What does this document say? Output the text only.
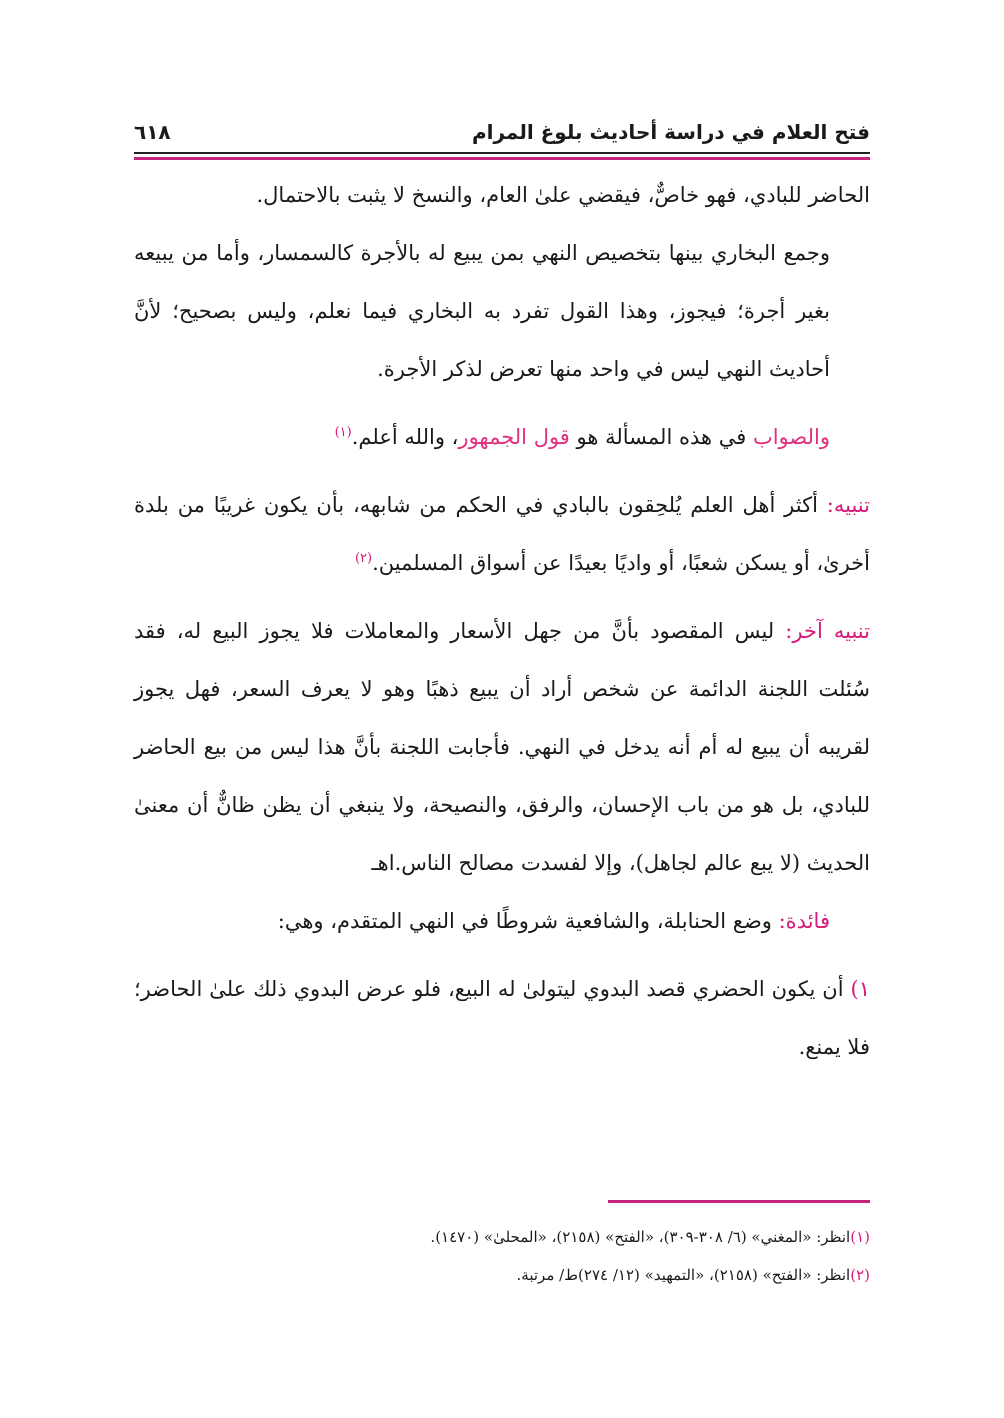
فتح العلام في دراسة أحاديث بلوغ المرام
٦١٨

الحاضر للبادي، فهو خاصٌّ، فيقضي علىٰ العام، والنسخ لا يثبت بالاحتمال.

وجمع البخاري بينها بتخصيص النهي بمن يبيع له بالأجرة كالسمسار، وأما من يبيعه بغير أجرة؛ فيجوز، وهذا القول تفرد به البخاري فيما نعلم، وليس بصحيح؛ لأنَّ أحاديث النهي ليس في واحد منها تعرض لذكر الأجرة.

والصواب في هذه المسألة هو قول الجمهور، والله أعلم.$^{(١)}$

تنبيه: أكثر أهل العلم يُلحِقون بالبادي في الحكم من شابهه، بأن يكون غريبًا من بلدة أخرىٰ، أو يسكن شعبًا، أو واديًا بعيدًا عن أسواق المسلمين.$^{(٢)}$

تنبيه آخر: ليس المقصود بأنَّ من جهل الأسعار والمعاملات فلا يجوز البيع له، فقد سُئلت اللجنة الدائمة عن شخص أراد أن يبيع ذهبًا وهو لا يعرف السعر، فهل يجوز لقريبه أن يبيع له أم أنه يدخل في النهي. فأجابت اللجنة بأنَّ هذا ليس من بيع الحاضر للبادي، بل هو من باب الإحسان، والرفق، والنصيحة، ولا ينبغي أن يظن ظانٌّ أن معنىٰ الحديث (لا يبع عالم لجاهل)، وإلا لفسدت مصالح الناس.اهـ

فائدة: وضع الحنابلة، والشافعية شروطًا في النهي المتقدم، وهي:

١) أن يكون الحضري قصد البدوي ليتولىٰ له البيع، فلو عرض البدوي ذلك علىٰ الحاضر؛ فلا يمنع.

(١)انظر: «المغني» (٦/ ٣٠٨-٣٠٩)، «الفتح» (٢١٥٨)، «المحلىٰ» (١٤٧٠).

(٢)انظر: «الفتح» (٢١٥٨)، «التمهيد» (١٢/ ٢٧٤)ط/ مرتبة.
